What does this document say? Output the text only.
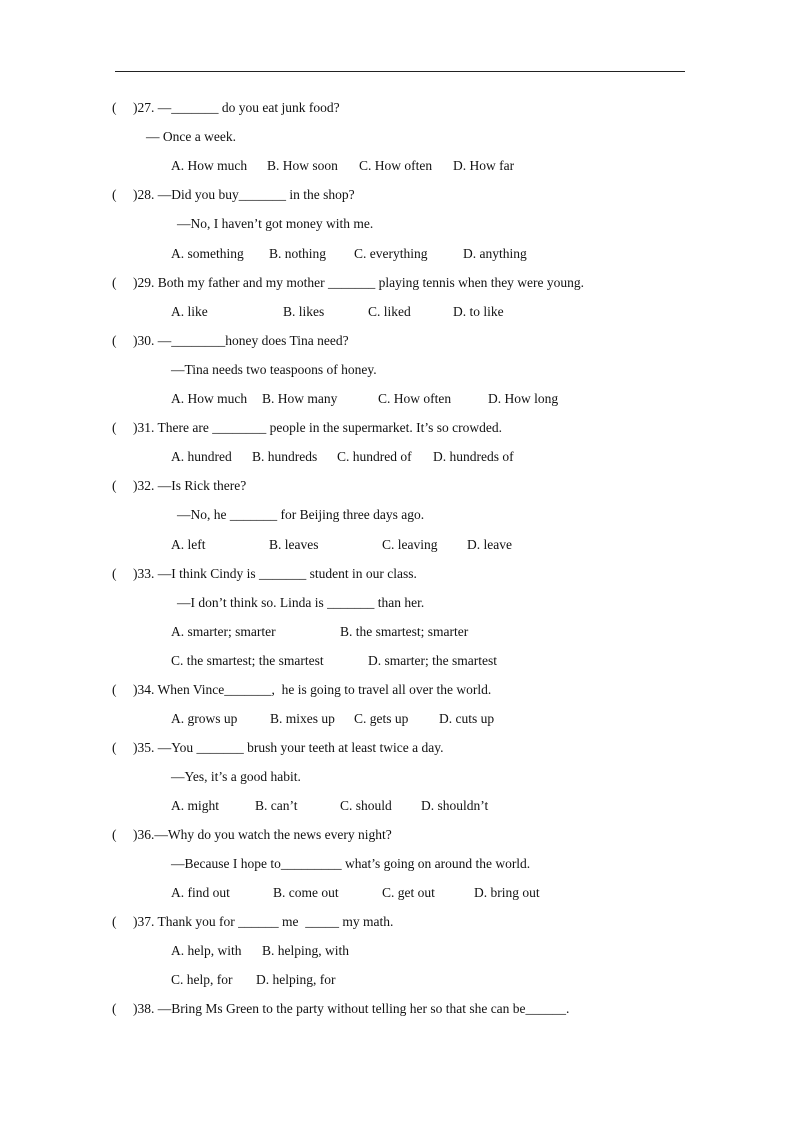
( )27. —_______ do you eat junk food?
— Once a week.
A. How much B. How soon C. How often D. How far
( )28. —Did you buy_______ in the shop?
—No, I haven’t got money with me.
A. something B. nothing C. everything	D. anything
( )29. Both my father and my mother _______ playing tennis when they were young.
A. like	B. likes	C. liked	D. to like
( )30. —________honey does Tina need?
—Tina needs two teaspoons of honey.
A. How much B. How many	C. How often	D. How long
( )31. There are ________ people in the supermarket. It’s so crowded.
A. hundred B. hundreds C. hundred of D. hundreds of
( )32. —Is Rick there?
—No, he _______ for Beijing three days ago.
A. left	B. leaves	C. leaving D. leave
( )33. —I think Cindy is _______ student in our class.
—I don’t think so. Linda is _______ than her.
A. smarter; smarter	B. the smartest; smarter
C. the smartest; the smartest	D. smarter; the smartest
( )34. When Vince_______,  he is going to travel all over the world.
A. grows up B. mixes up C. gets up D. cuts up
( )35. —You _______ brush your teeth at least twice a day.
—Yes, it’s a good habit.
A. might	B. can’t	C. should D. shouldn’t
( )36.—Why do you watch the news every night?
—Because I hope to_________ what’s going on around the world.
A. find out	B. come out	C. get out	D. bring out
( )37. Thank you for ______ me  _____ my math.
A. help, with B. helping, with
C. help, for D. helping, for
( )38. —Bring Ms Green to the party without telling her so that she can be______.
